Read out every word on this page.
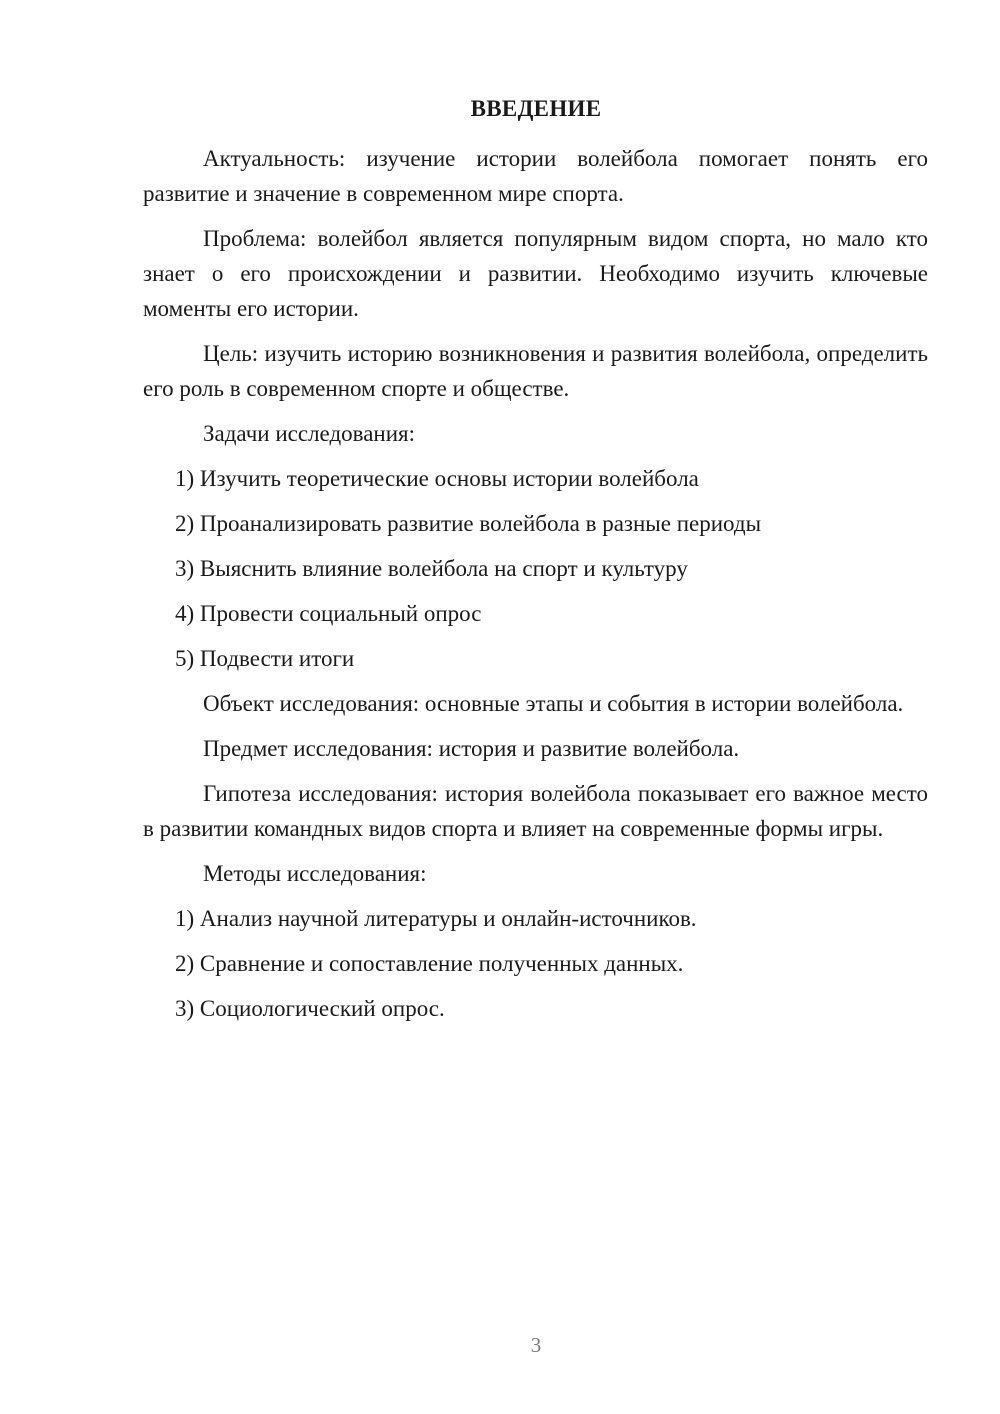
ВВЕДЕНИЕ

Актуальность: изучение истории волейбола помогает понять его развитие и значение в современном мире спорта.

Проблема: волейбол является популярным видом спорта, но мало кто знает о его происхождении и развитии. Необходимо изучить ключевые моменты его истории.

Цель: изучить историю возникновения и развития волейбола, определить его роль в современном спорте и обществе.

Задачи исследования:

1) Изучить теоретические основы истории волейбола
2) Проанализировать развитие волейбола в разные периоды
3) Выяснить влияние волейбола на спорт и культуру
4) Провести социальный опрос
5) Подвести итоги

Объект исследования: основные этапы и события в истории волейбола.

Предмет исследования: история и развитие волейбола.

Гипотеза исследования: история волейбола показывает его важное место в развитии командных видов спорта и влияет на современные формы игры.

Методы исследования:

1) Анализ научной литературы и онлайн-источников.
2) Сравнение и сопоставление полученных данных.
3) Социологический опрос.
3
